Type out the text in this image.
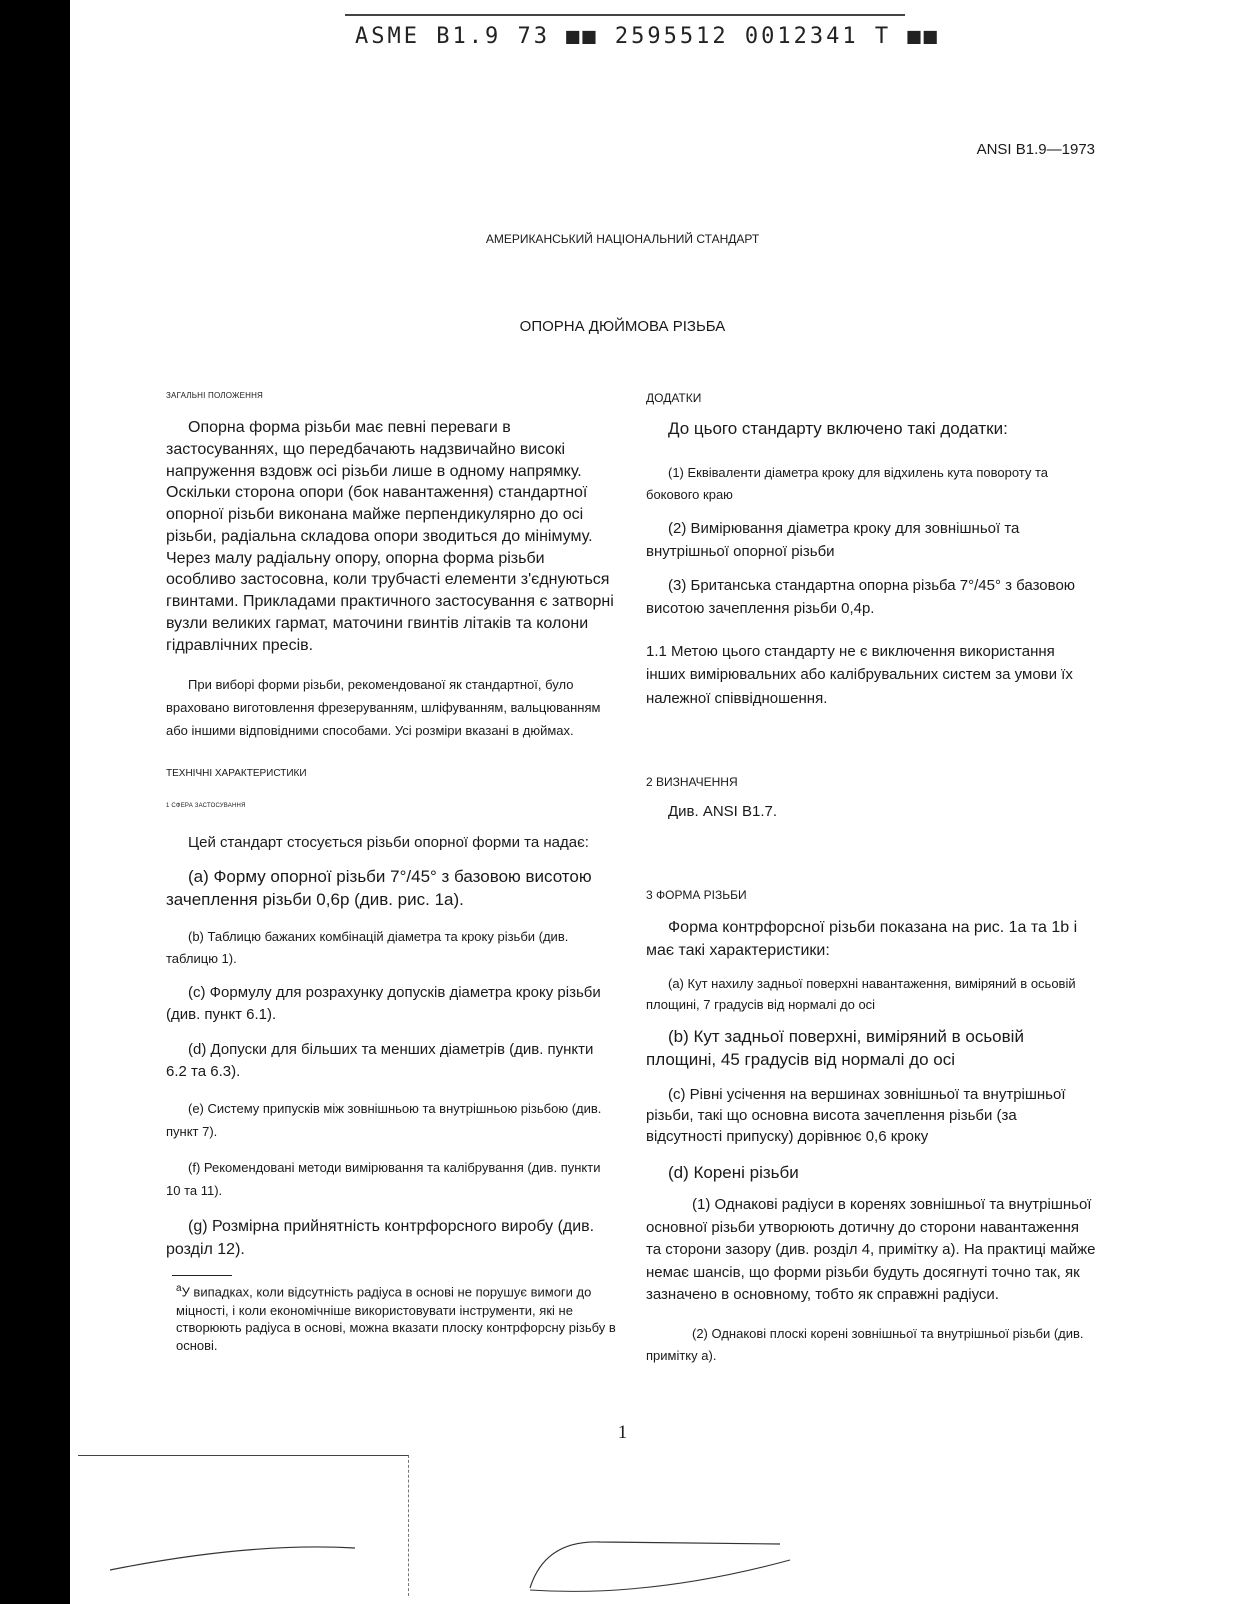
ASME B1.9 73 ■■ 2595512 0012341 T ■■
ANSI B1.9—1973
АМЕРИКАНСЬКИЙ НАЦІОНАЛЬНИЙ СТАНДАРТ
ОПОРНА ДЮЙМОВА РІЗЬБА

ЗАГАЛЬНІ ПОЛОЖЕННЯ

Опорна форма різьби має певні переваги в застосуваннях, що передбачають надзвичайно високі напруження вздовж осі різьби лише в одному напрямку. Оскільки сторона опори (бок навантаження) стандартної опорної різьби виконана майже перпендикулярно до осі різьби, радіальна складова опори зводиться до мінімуму. Через малу радіальну опору, опорна форма різьби особливо застосовна, коли трубчасті елементи з'єднуються гвинтами. Прикладами практичного застосування є затворні вузли великих гармат, маточини гвинтів літаків та колони гідравлічних пресів.

При виборі форми різьби, рекомендованої як стандартної, було враховано виготовлення фрезеруванням, шліфуванням, вальцюванням або іншими відповідними способами. Усі розміри вказані в дюймах.

ТЕХНІЧНІ ХАРАКТЕРИСТИКИ

1 СФЕРА ЗАСТОСУВАННЯ

Цей стандарт стосується різьби опорної форми та надає:

(a) Форму опорної різьби 7°/45° з базовою висотою зачеплення різьби 0,6p (див. рис. 1a).

(b) Таблицю бажаних комбінацій діаметра та кроку різьби (див. таблицю 1).

(c) Формулу для розрахунку допусків діаметра кроку різьби (див. пункт 6.1).

(d) Допуски для більших та менших діаметрів (див. пункти 6.2 та 6.3).

(e) Систему припусків між зовнішньою та внутрішньою різьбою (див. пункт 7).

(f) Рекомендовані методи вимірювання та калібрування (див. пункти 10 та 11).

(g) Розмірна прийнятність контрфорсного виробу (див. розділ 12).

$^a$У випадках, коли відсутність радіуса в основі не порушує вимоги до міцності, і коли економічніше використовувати інструменти, які не створюють радіуса в основі, можна вказати плоску контрфорсну різьбу в основі.

ДОДАТКИ

До цього стандарту включено такі додатки:

(1) Еквіваленти діаметра кроку для відхилень кута повороту та бокового краю

(2) Вимірювання діаметра кроку для зовнішньої та внутрішньої опорної різьби

(3) Британська стандартна опорна різьба 7°/45° з базовою висотою зачеплення різьби 0,4p.

1.1 Метою цього стандарту не є виключення використання інших вимірювальних або калібрувальних систем за умови їх належної співвідношення.

2 ВИЗНАЧЕННЯ

Див. ANSI B1.7.

3 ФОРМА РІЗЬБИ

Форма контрфорсної різьби показана на рис. 1a та 1b і має такі характеристики:

(a) Кут нахилу задньої поверхні навантаження, виміряний в осьовій площині, 7 градусів від нормалі до осі

(b) Кут задньої поверхні, виміряний в осьовій площині, 45 градусів від нормалі до осі

(c) Рівні усічення на вершинах зовнішньої та внутрішньої різьби, такі що основна висота зачеплення різьби (за відсутності припуску) дорівнює 0,6 кроку

(d) Корені різьби

(1) Однакові радіуси в коренях зовнішньої та внутрішньої основної різьби утворюють дотичну до сторони навантаження та сторони зазору (див. розділ 4, примітку a). На практиці майже немає шансів, що форми різьби будуть досягнуті точно так, як зазначено в основному, тобто як справжні радіуси.

(2) Однакові плоскі корені зовнішньої та внутрішньої різьби (див. примітку a).

1
